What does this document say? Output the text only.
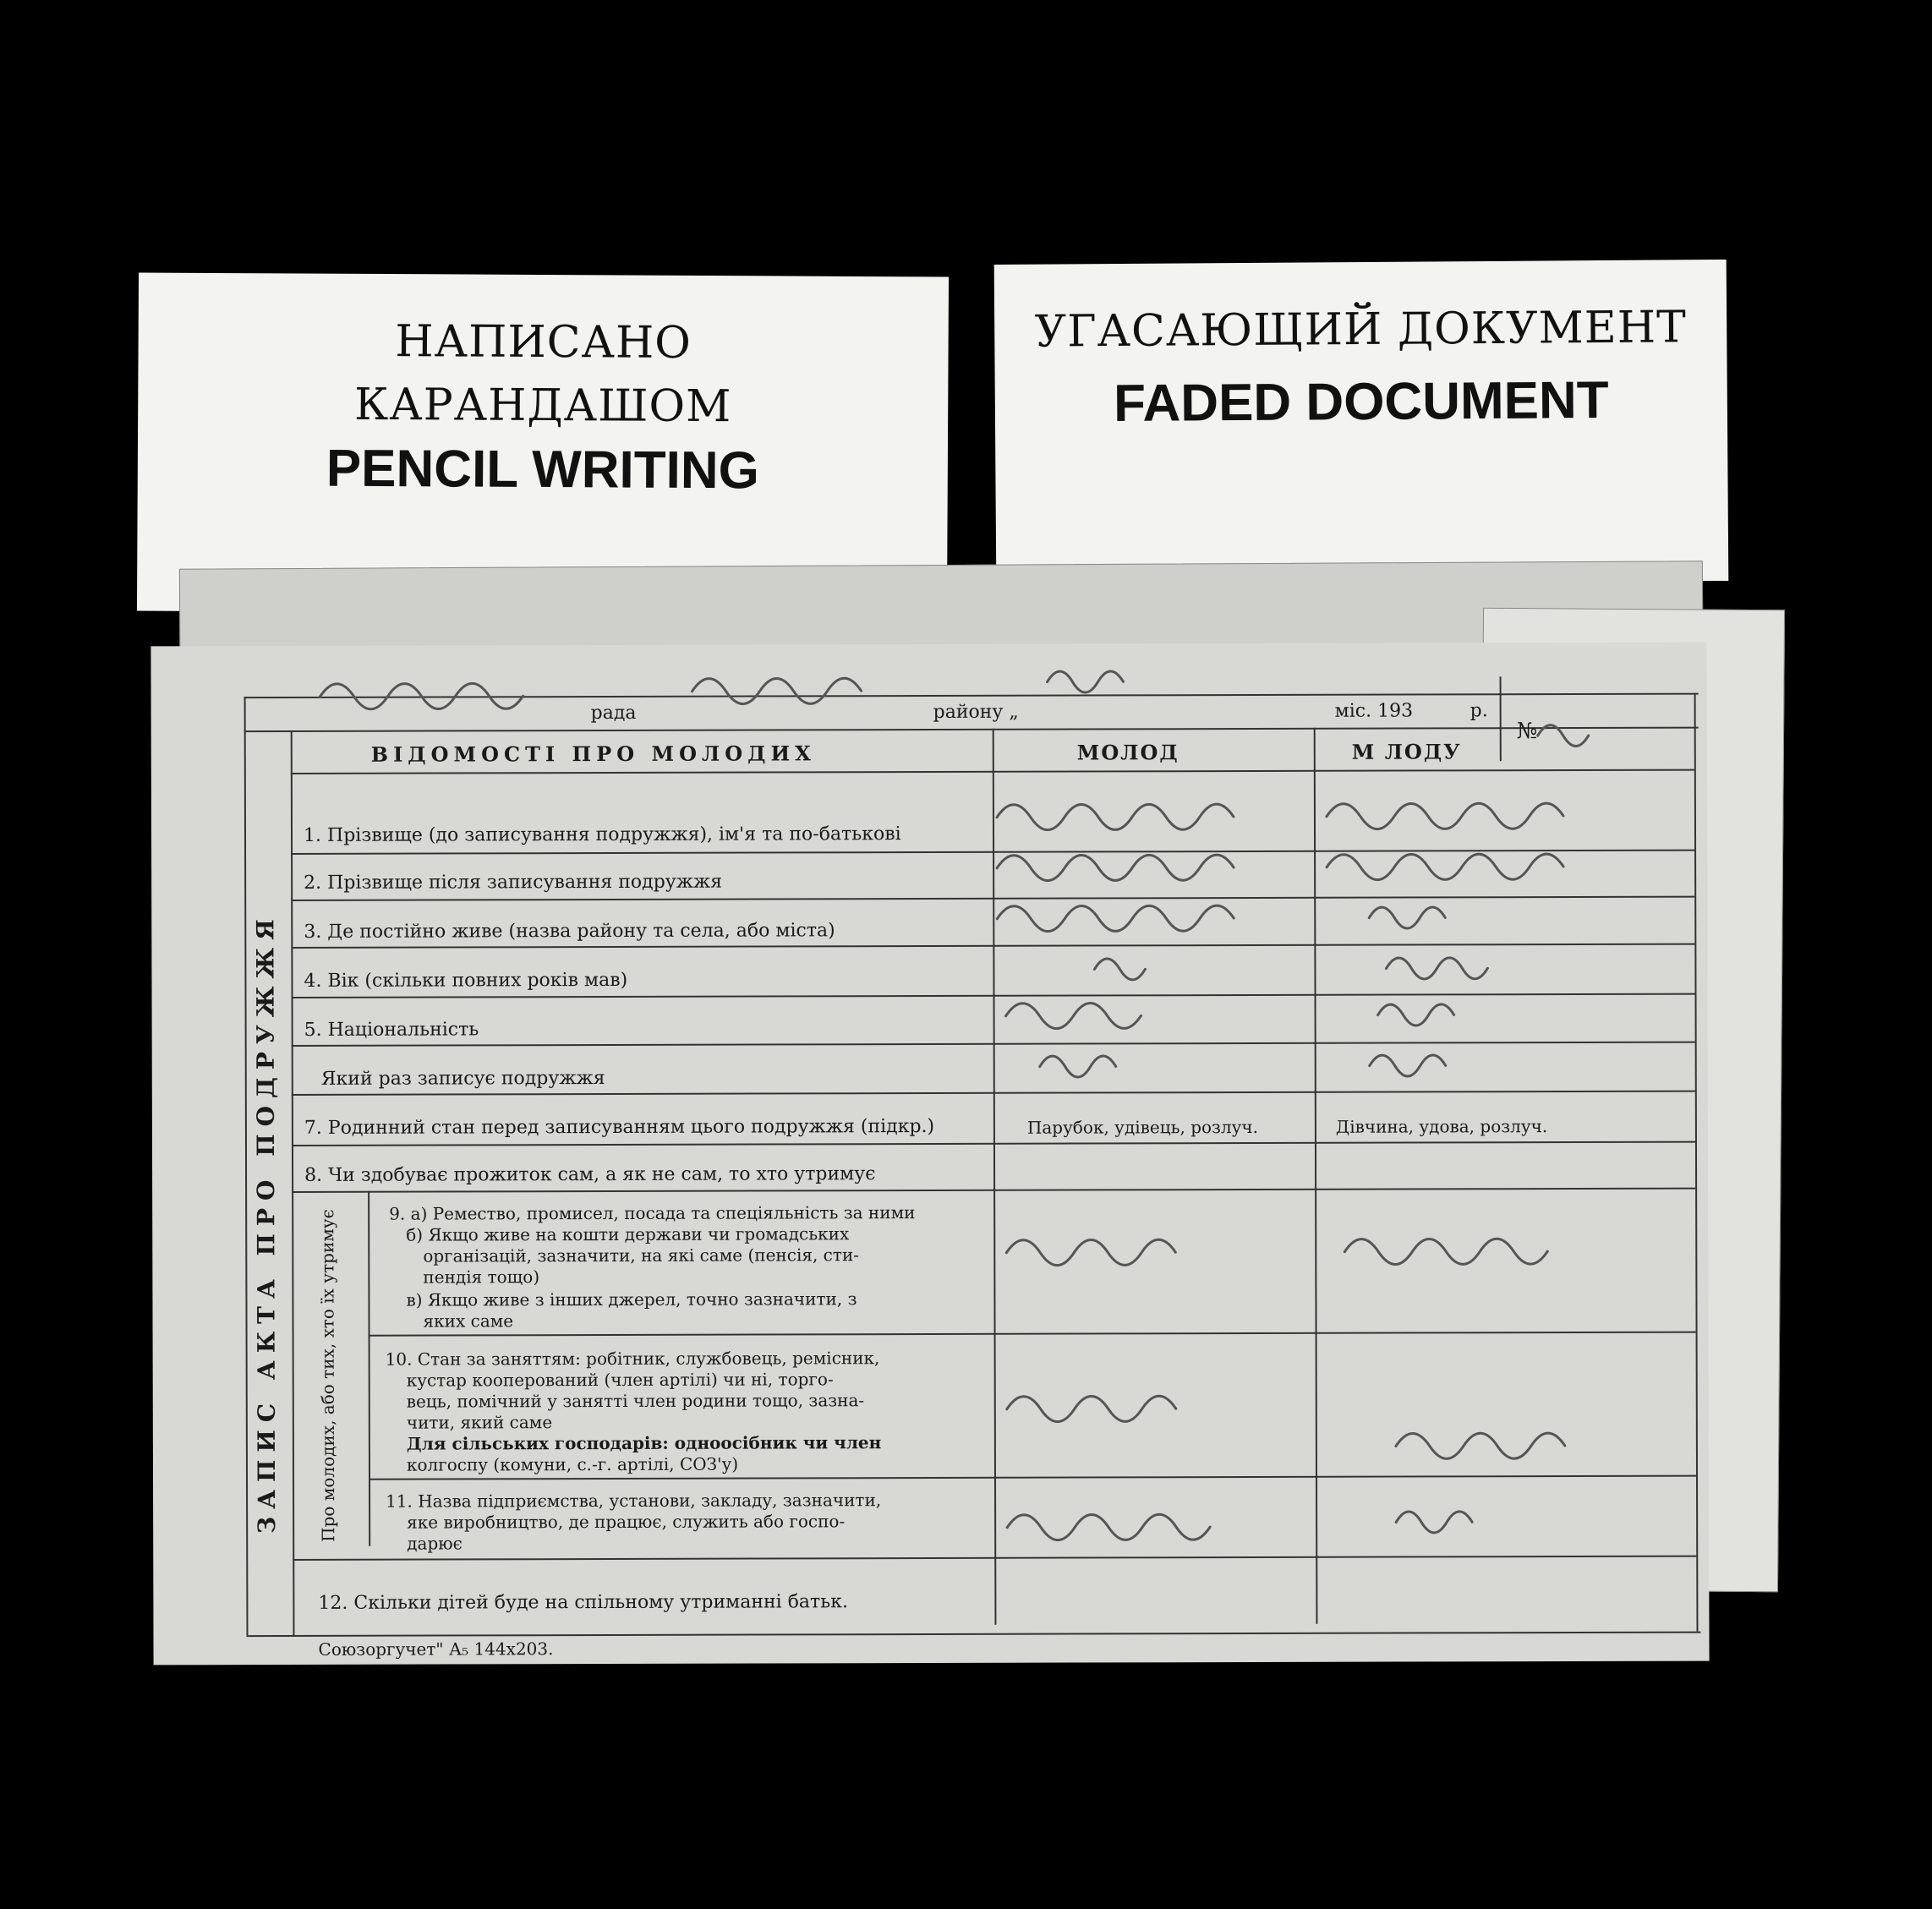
НАПИСАНО
КАРАНДАШОМ
PENCIL WRITING
УГАСАЮЩИЙ ДОКУМЕНТ
FADED DOCUMENT
рада	району „	міс. 193	р.
№
ВІДОМОСТІ ПРО МОЛОДИХ	МОЛОД	М ЛОДУ
ЗАПИС АКТА ПРО ПОДРУЖЖЯ
1. Прізвище (до записування подружжя), ім'я та по-батькові
2. Прізвище після записування подружжя
3. Де постійно живе (назва району та села, або міста)
4. Вік (скільки повних років мав)
5. Національність
Який раз записує подружжя
7. Родинний стан перед записуванням цього подружжя (підкр.)	Парубок, удівець, розлуч.	Дівчина, удова, розлуч.
8. Чи здобуває прожиток сам, а як не сам, то хто утримує
Про молодих, або тих, хто їх утримує	9. а) Ремество, промисел, посада та спеціяльність за ними
б) Якщо живе на кошти держави чи громадських
організацій, зазначити, на які саме (пенсія, сти-
пендія тощо)
в) Якщо живе з інших джерел, точно зазначити, з
яких саме
10. Стан за заняттям: робітник, службовець, ремісник,
кустар кооперований (член артілі) чи ні, торго-
вець, помічний у занятті член родини тощо, зазна-
чити, який саме
Для сільських господарів: одноосібник чи член
колгоспу (комуни, с.-г. артілі, СОЗ'у)
11. Назва підприємства, установи, закладу, зазначити,
яке виробництво, де працює, служить або госпо-
дарює
12. Скільки дітей буде на спільному утриманні батьк.
Союзоргучет" А₅ 144х203.
